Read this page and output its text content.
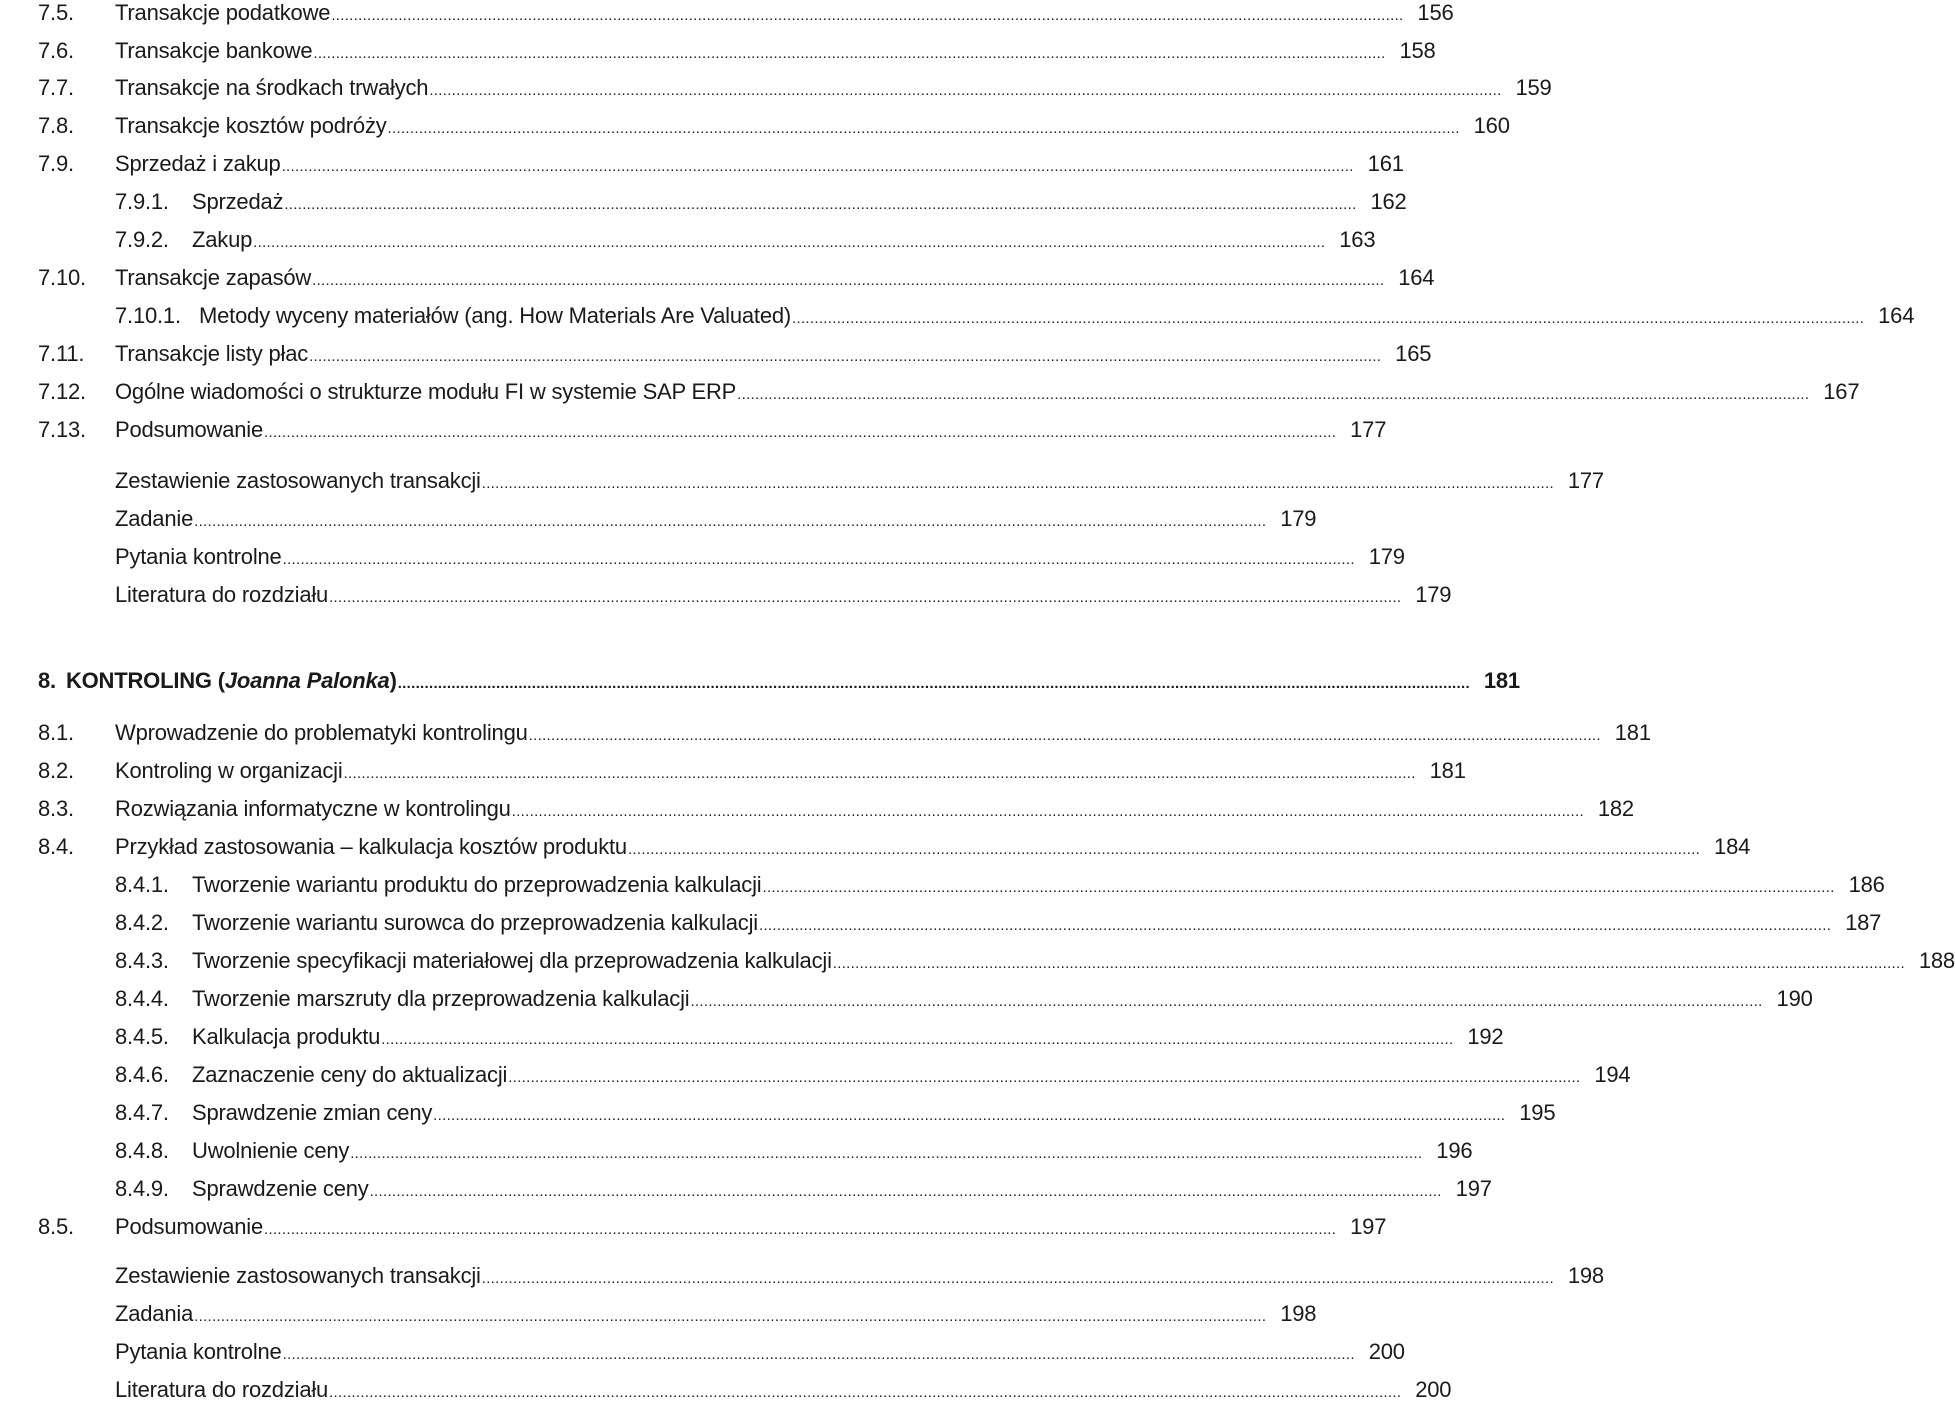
7.5.	Transakcje podatkowe .....	156
7.6.	Transakcje bankowe .....	158
7.7.	Transakcje na środkach trwałych .....	159
7.8.	Transakcje kosztów podróży .....	160
7.9.	Sprzedaż i zakup .....	161
7.9.1.	Sprzedaż .....	162
7.9.2.	Zakup .....	163
7.10.	Transakcje zapasów .....	164
7.10.1. Metody wyceny materiałów (ang. How Materials Are Valuated) .....	164
7.11.	Transakcje listy płac .....	165
7.12.	Ogólne wiadomości o strukturze modułu FI w systemie SAP ERP .....	167
7.13.	Podsumowanie .....	177
Zestawienie zastosowanych transakcji .....	177
Zadanie .....	179
Pytania kontrolne .....	179
Literatura do rozdziału .....	179
8. KONTROLING (Joanna Palonka) .....	181
8.1.	Wprowadzenie do problematyki kontrolingu .....	181
8.2.	Kontroling w organizacji .....	181
8.3.	Rozwiązania informatyczne w kontrolingu .....	182
8.4.	Przykład zastosowania – kalkulacja kosztów produktu .....	184
8.4.1.	Tworzenie wariantu produktu do przeprowadzenia kalkulacji .....	186
8.4.2.	Tworzenie wariantu surowca do przeprowadzenia kalkulacji .....	187
8.4.3.	Tworzenie specyfikacji materiałowej dla przeprowadzenia kalkulacji .....	188
8.4.4.	Tworzenie marszruty dla przeprowadzenia kalkulacji .....	190
8.4.5.	Kalkulacja produktu .....	192
8.4.6.	Zaznaczenie ceny do aktualizacji .....	194
8.4.7.	Sprawdzenie zmian ceny .....	195
8.4.8.	Uwolnienie ceny .....	196
8.4.9.	Sprawdzenie ceny .....	197
8.5.	Podsumowanie .....	197
Zestawienie zastosowanych transakcji .....	198
Zadania .....	198
Pytania kontrolne .....	200
Literatura do rozdziału .....	200
